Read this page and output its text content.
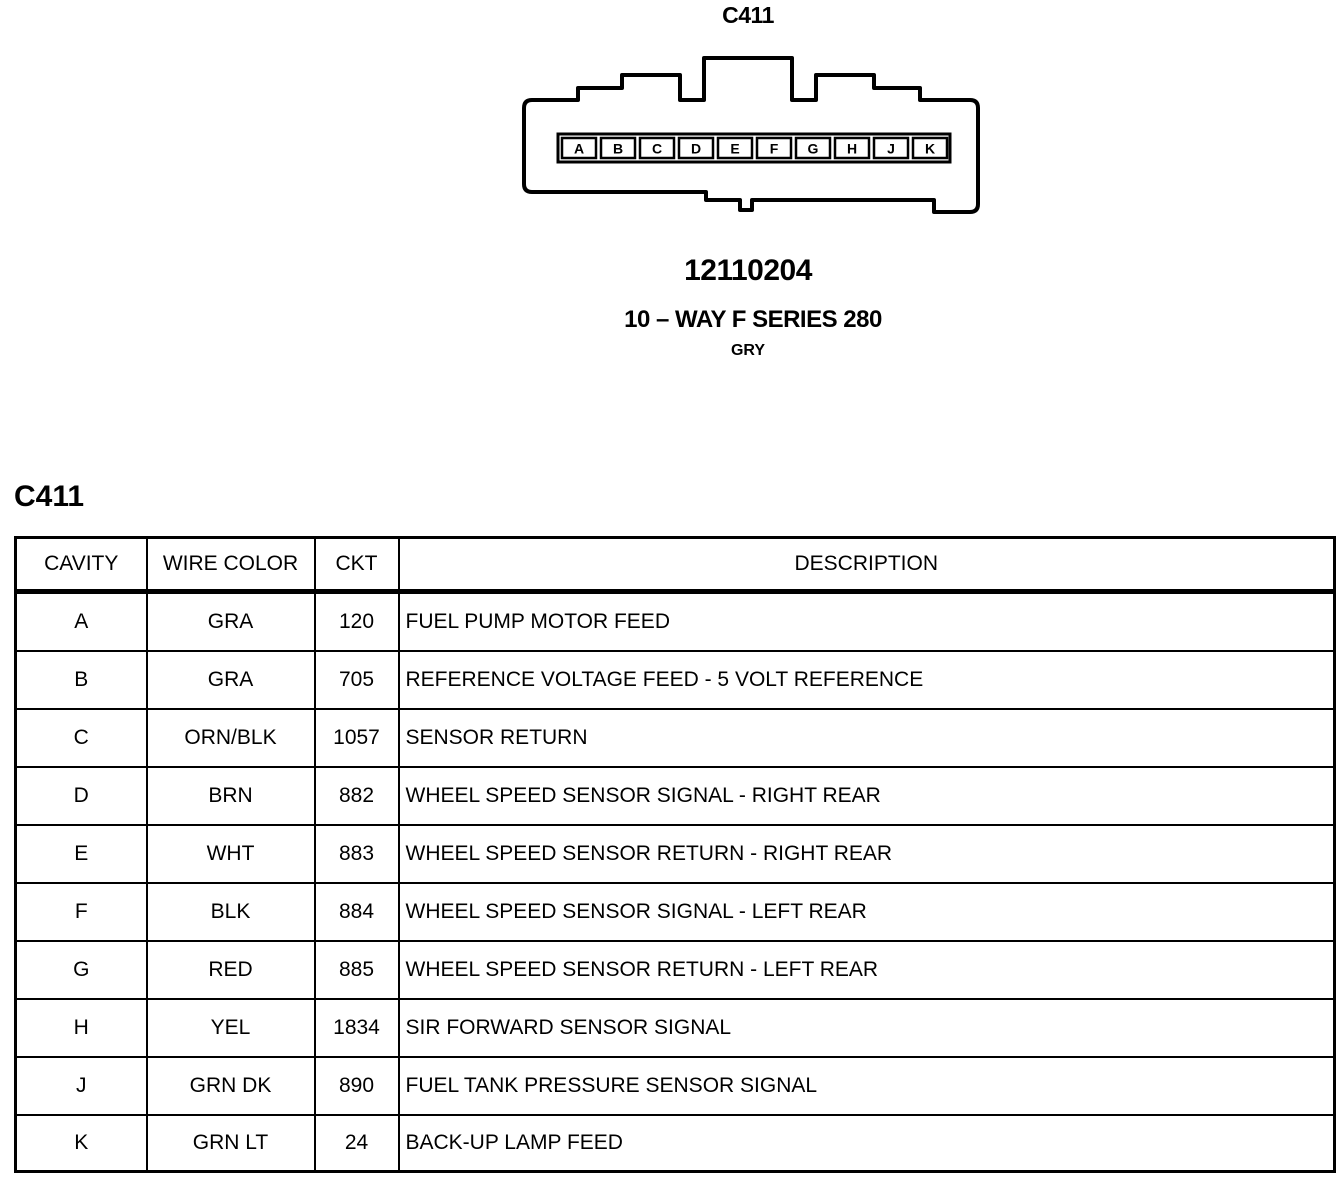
C411
A B C D E F G H J K
12110204
10 – WAY F SERIES 280
GRY
C411
CAVITY	WIRE COLOR	CKT	DESCRIPTION
A	GRA	120	FUEL PUMP MOTOR FEED
B	GRA	705	REFERENCE VOLTAGE FEED - 5 VOLT REFERENCE
C	ORN/BLK	1057	SENSOR RETURN
D	BRN	882	WHEEL SPEED SENSOR SIGNAL - RIGHT REAR
E	WHT	883	WHEEL SPEED SENSOR RETURN - RIGHT REAR
F	BLK	884	WHEEL SPEED SENSOR SIGNAL - LEFT REAR
G	RED	885	WHEEL SPEED SENSOR RETURN - LEFT REAR
H	YEL	1834	SIR FORWARD SENSOR SIGNAL
J	GRN DK	890	FUEL TANK PRESSURE SENSOR SIGNAL
K	GRN LT	24	BACK-UP LAMP FEED
